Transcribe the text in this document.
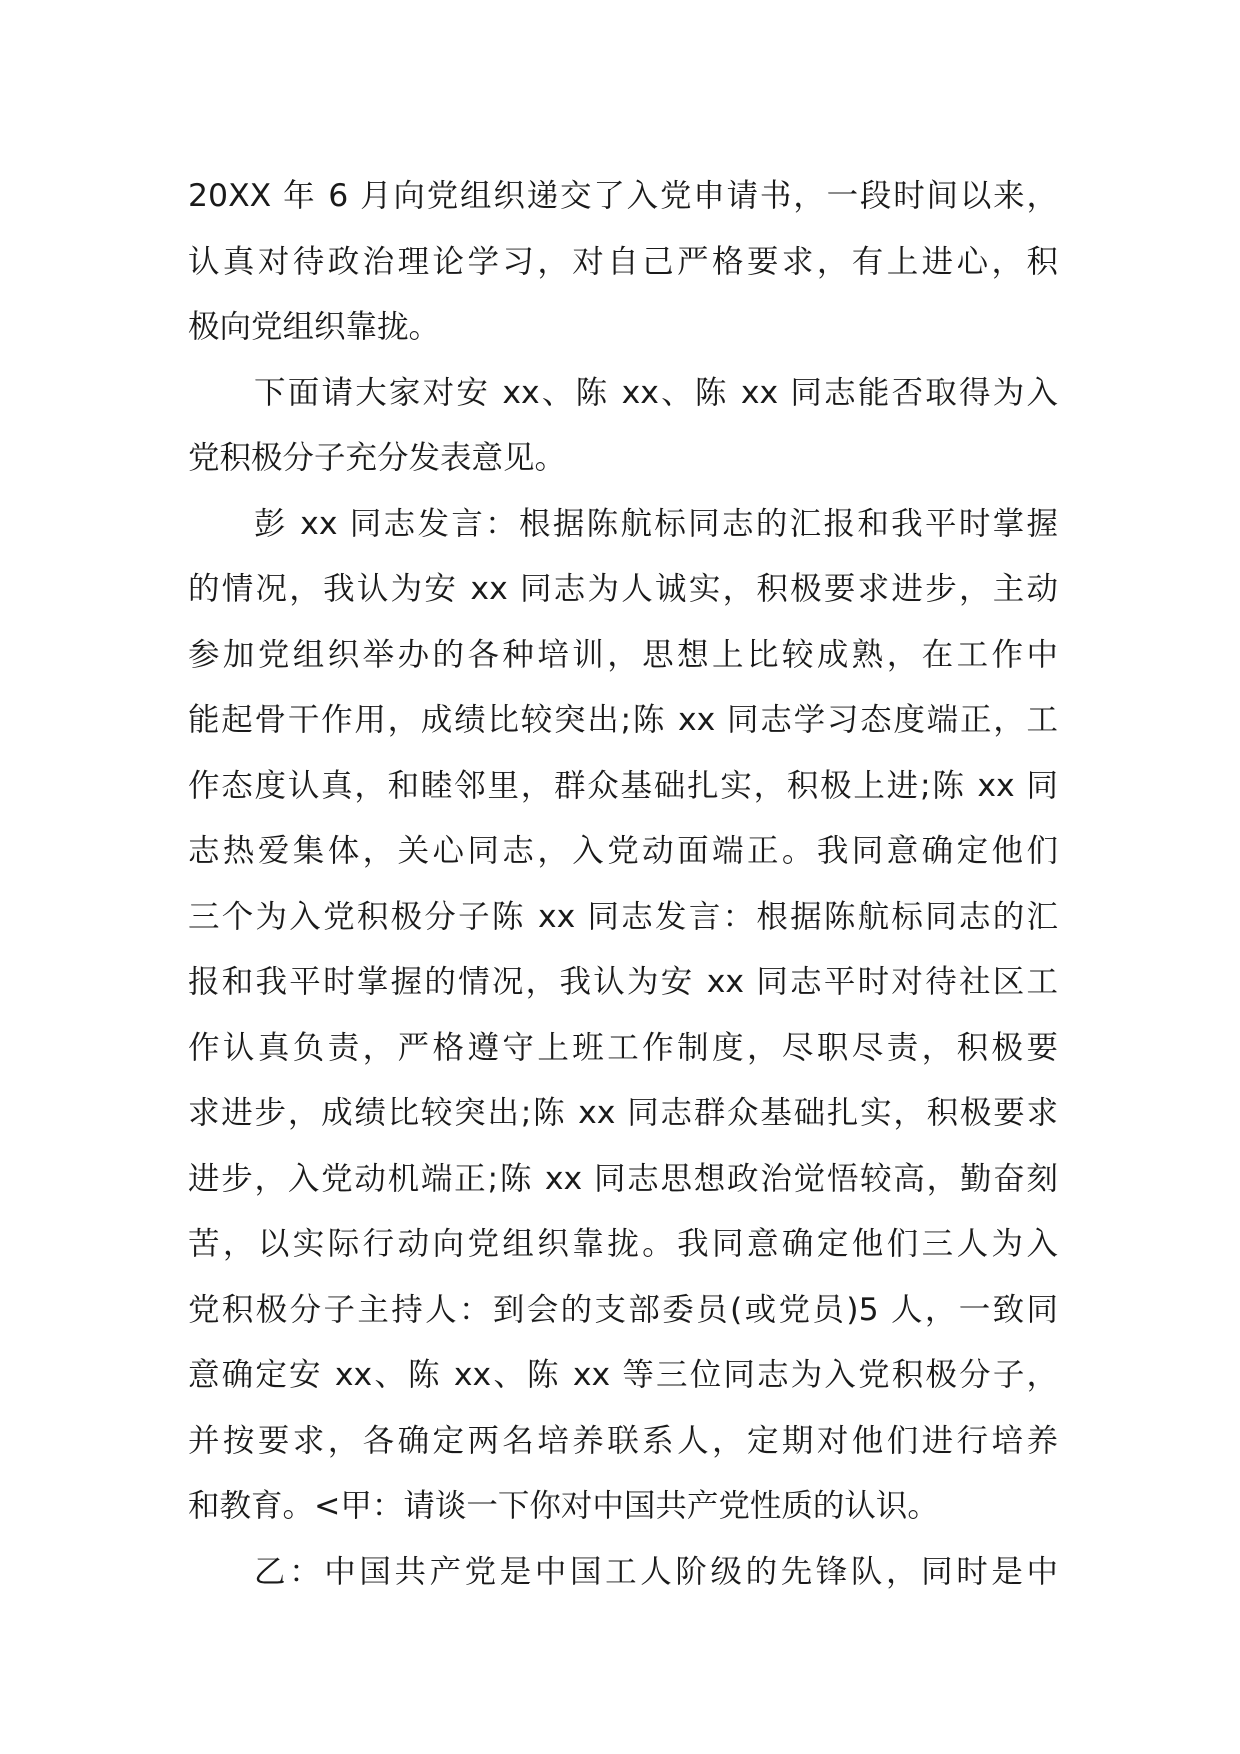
20XX 年 6 月向党组织递交了入党申请书，一段时间以来，
认真对待政治理论学习，对自己严格要求，有上进心，积
极向党组织靠拢。
下面请大家对安 xx、陈 xx、陈 xx 同志能否取得为入
党积极分子充分发表意见。
彭 xx 同志发言：根据陈航标同志的汇报和我平时掌握
的情况，我认为安 xx 同志为人诚实，积极要求进步，主动
参加党组织举办的各种培训，思想上比较成熟，在工作中
能起骨干作用，成绩比较突出;陈 xx 同志学习态度端正，工
作态度认真，和睦邻里，群众基础扎实，积极上进;陈 xx 同
志热爱集体，关心同志，入党动面端正。我同意确定他们
三个为入党积极分子陈 xx 同志发言：根据陈航标同志的汇
报和我平时掌握的情况，我认为安 xx 同志平时对待社区工
作认真负责，严格遵守上班工作制度，尽职尽责，积极要
求进步，成绩比较突出;陈 xx 同志群众基础扎实，积极要求
进步，入党动机端正;陈 xx 同志思想政治觉悟较高，勤奋刻
苦，以实际行动向党组织靠拢。我同意确定他们三人为入
党积极分子主持人：到会的支部委员(或党员)5 人，一致同
意确定安 xx、陈 xx、陈 xx 等三位同志为入党积极分子，
并按要求，各确定两名培养联系人，定期对他们进行培养
和教育。<甲：请谈一下你对中国共产党性质的认识。
乙：中国共产党是中国工人阶级的先锋队，同时是中
